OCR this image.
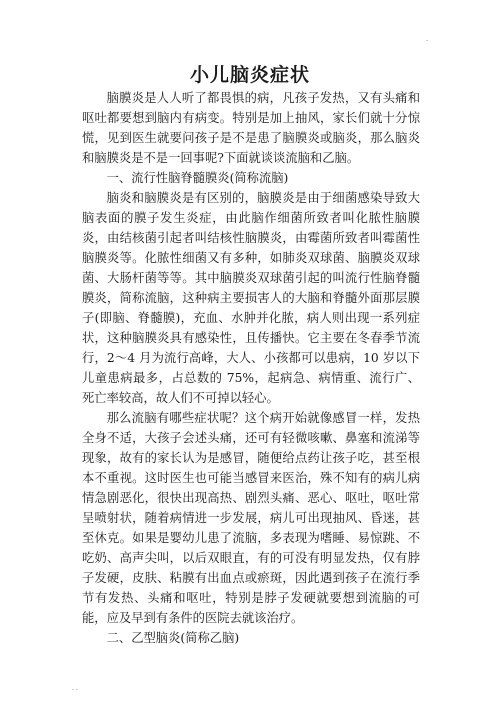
.
小儿脑炎症状

脑膜炎是人人听了都畏惧的病，凡孩子发热，又有头痛和呕吐都要想到脑内有病变。特别是加上抽风，家长们就十分惊慌，见到医生就要问孩子是不是患了脑膜炎或脑炎，那么脑炎和脑膜炎是不是一回事呢?下面就谈谈流脑和乙脑。

一、流行性脑脊髓膜炎(简称流脑)

脑炎和脑膜炎是有区别的，脑膜炎是由于细菌感染导致大脑表面的膜子发生炎症，由此脑作细菌所致者叫化脓性脑膜炎，由结核菌引起者叫结核性脑膜炎，由霉菌所致者叫霉菌性脑膜炎等。化脓性细菌又有多种，如肺炎双球菌、脑膜炎双球菌、大肠杆菌等等。其中脑膜炎双球菌引起的叫流行性脑脊髓膜炎，简称流脑，这种病主要损害人的大脑和脊髓外面那层膜子(即脑、脊髓膜)，充血、水肿并化脓，病人则出现一系列症状，这种脑膜炎具有感染性，且传播快。它主要在冬春季节流行，2～4 月为流行高峰，大人、小孩都可以患病，10 岁以下儿童患病最多，占总数的 75%，起病急、病情重、流行广、死亡率较高，故人们不可掉以轻心。

那么流脑有哪些症状呢？这个病开始就像感冒一样，发热全身不适，大孩子会述头痛，还可有轻微咳嗽、鼻塞和流涕等现象，故有的家长认为是感冒，随便给点药让孩子吃，甚至根本不重视。这时医生也可能当感冒来医治，殊不知有的病儿病情急剧恶化，很快出现高热、剧烈头痛、恶心、呕吐，呕吐常呈喷射状，随着病情进一步发展，病儿可出现抽风、昏迷，甚至休克。如果是婴幼儿患了流脑，多表现为嗜睡、易惊跳、不吃奶、高声尖叫，以后双眼直，有的可没有明显发热，仅有脖子发硬，皮肤、粘膜有出血点或瘀斑，因此遇到孩子在流行季节有发热、头痛和呕吐，特别是脖子发硬就要想到流脑的可能，应及早到有条件的医院去就该治疗。

二、乙型脑炎(简称乙脑)

. .
